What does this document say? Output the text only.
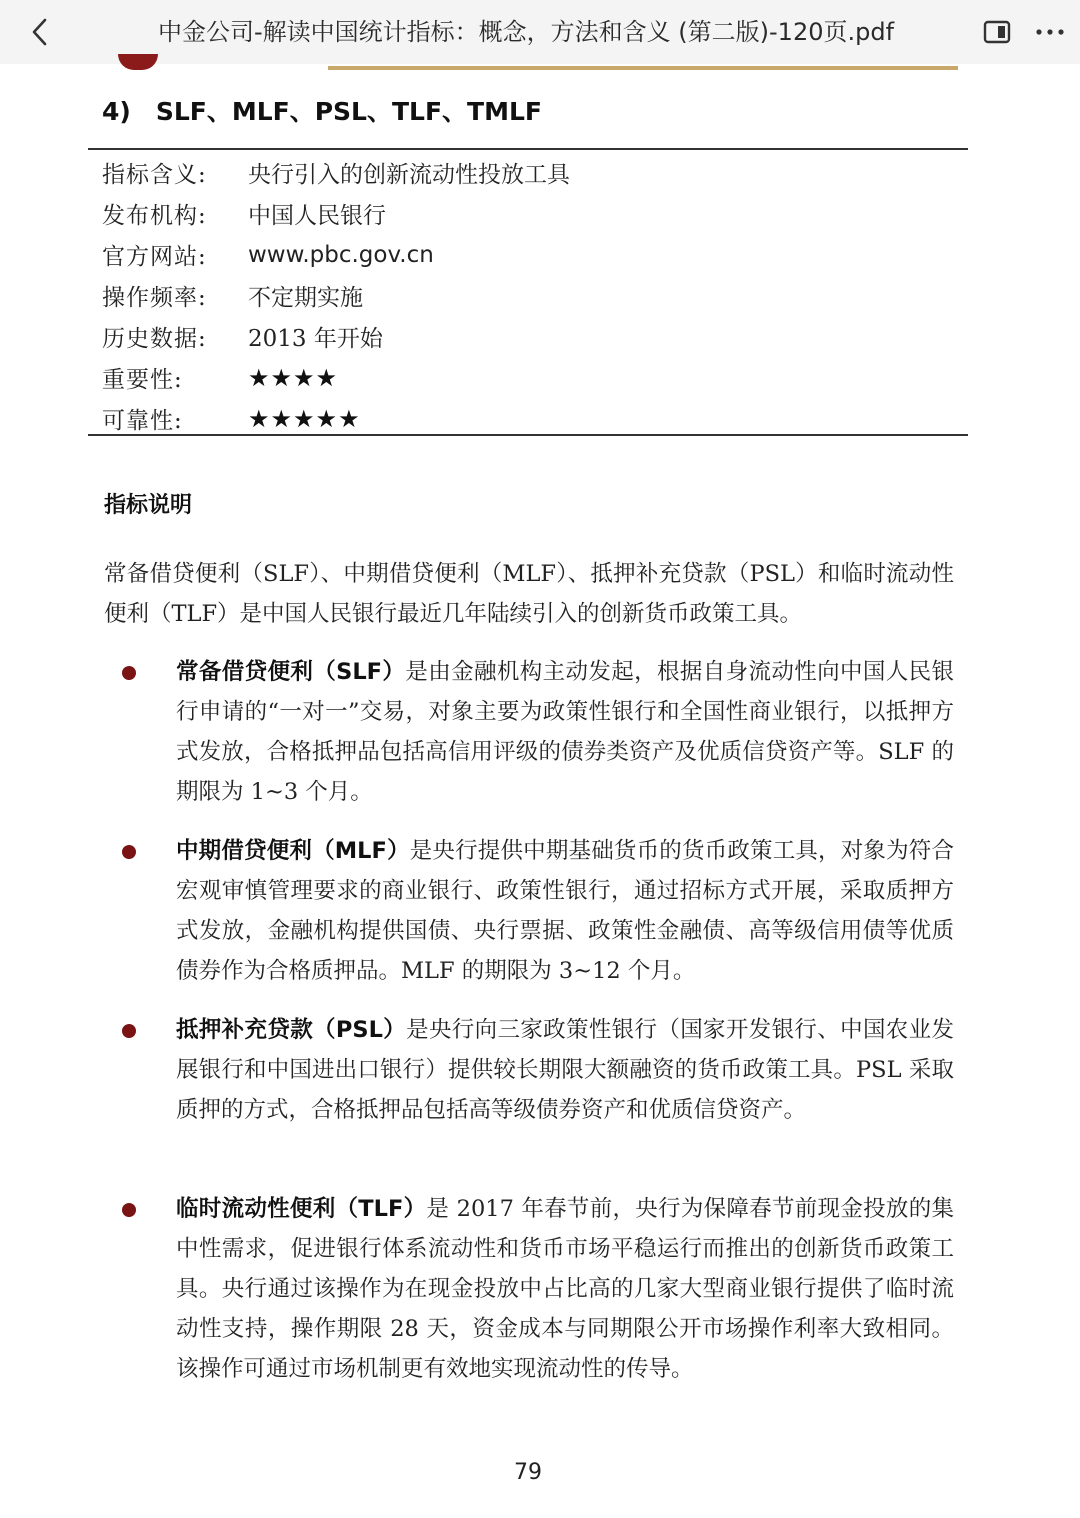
中金公司-解读中国统计指标：概念，方法和含义 (第二版)-120页.pdf
4)　SLF、MLF、PSL、TLF、TMLF
指标含义:	央行引入的创新流动性投放工具
发布机构:	中国人民银行
官方网站:	www.pbc.gov.cn
操作频率:	不定期实施
历史数据:	2013 年开始
重要性:	★★★★
可靠性:	★★★★★
指标说明
常备借贷便利（SLF）、中期借贷便利（MLF）、抵押补充贷款（PSL）和临时流动性便利（TLF）是中国人民银行最近几年陆续引入的创新货币政策工具。
常备借贷便利（SLF）是由金融机构主动发起，根据自身流动性向中国人民银行申请的“一对一”交易，对象主要为政策性银行和全国性商业银行，以抵押方式发放，合格抵押品包括高信用评级的债券类资产及优质信贷资产等。SLF 的期限为 1~3 个月。
中期借贷便利（MLF）是央行提供中期基础货币的货币政策工具，对象为符合宏观审慎管理要求的商业银行、政策性银行，通过招标方式开展，采取质押方式发放，金融机构提供国债、央行票据、政策性金融债、高等级信用债等优质债券作为合格质押品。MLF 的期限为 3~12 个月。
抵押补充贷款（PSL）是央行向三家政策性银行（国家开发银行、中国农业发展银行和中国进出口银行）提供较长期限大额融资的货币政策工具。PSL 采取质押的方式，合格抵押品包括高等级债券资产和优质信贷资产。
临时流动性便利（TLF）是 2017 年春节前，央行为保障春节前现金投放的集中性需求，促进银行体系流动性和货币市场平稳运行而推出的创新货币政策工具。央行通过该操作为在现金投放中占比高的几家大型商业银行提供了临时流动性支持，操作期限 28 天，资金成本与同期限公开市场操作利率大致相同。该操作可通过市场机制更有效地实现流动性的传导。
79
